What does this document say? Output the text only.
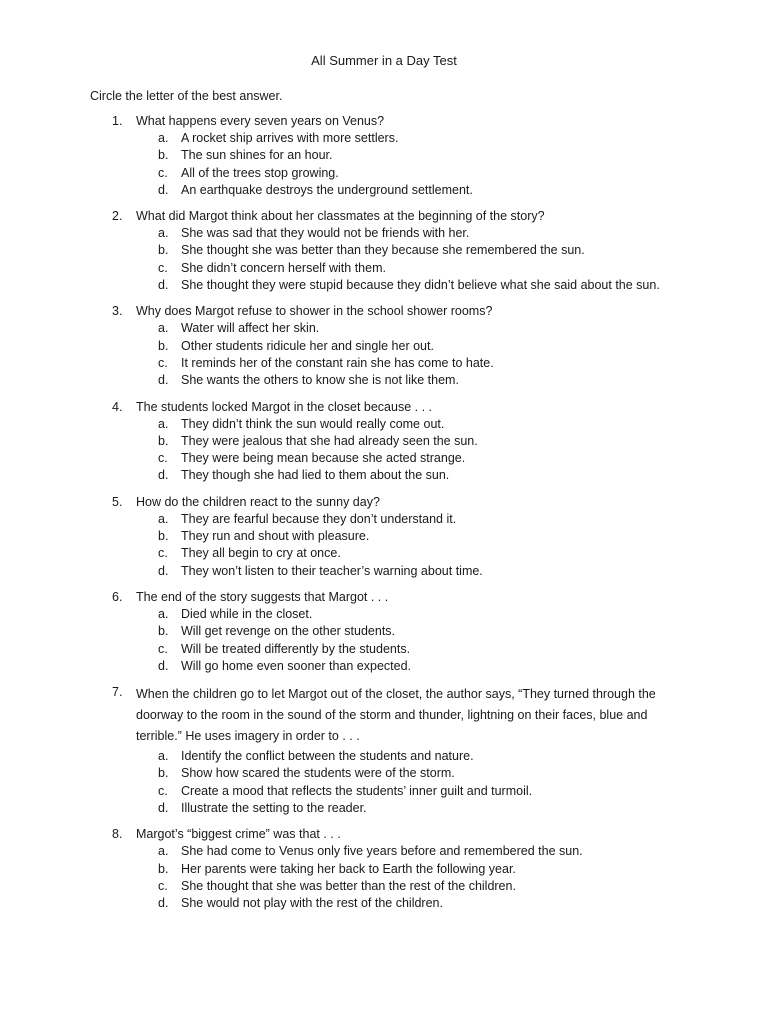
All Summer in a Day Test
Circle the letter of the best answer.
1.	What happens every seven years on Venus?
a. A rocket ship arrives with more settlers.
b. The sun shines for an hour.
c. All of the trees stop growing.
d. An earthquake destroys the underground settlement.
2.	What did Margot think about her classmates at the beginning of the story?
a. She was sad that they would not be friends with her.
b. She thought she was better than they because she remembered the sun.
c. She didn’t concern herself with them.
d. She thought they were stupid because they didn’t believe what she said about the sun.
3.	Why does Margot refuse to shower in the school shower rooms?
a. Water will affect her skin.
b. Other students ridicule her and single her out.
c. It reminds her of the constant rain she has come to hate.
d. She wants the others to know she is not like them.
4.	The students locked Margot in the closet because . . .
a. They didn’t think the sun would really come out.
b. They were jealous that she had already seen the sun.
c. They were being mean because she acted strange.
d. They though she had lied to them about the sun.
5.	How do the children react to the sunny day?
a. They are fearful because they don’t understand it.
b. They run and shout with pleasure.
c. They all begin to cry at once.
d. They won’t listen to their teacher’s warning about time.
6.	The end of the story suggests that Margot . . .
a. Died while in the closet.
b. Will get revenge on the other students.
c. Will be treated differently by the students.
d. Will go home even sooner than expected.
7.	When the children go to let Margot out of the closet, the author says, “They turned through the doorway to the room in the sound of the storm and thunder, lightning on their faces, blue and terrible.” He uses imagery in order to . . .
a. Identify the conflict between the students and nature.
b. Show how scared the students were of the storm.
c. Create a mood that reflects the students’ inner guilt and turmoil.
d. Illustrate the setting to the reader.
8.	Margot’s “biggest crime” was that . . .
a. She had come to Venus only five years before and remembered the sun.
b. Her parents were taking her back to Earth the following year.
c. She thought that she was better than the rest of the children.
d. She would not play with the rest of the children.
